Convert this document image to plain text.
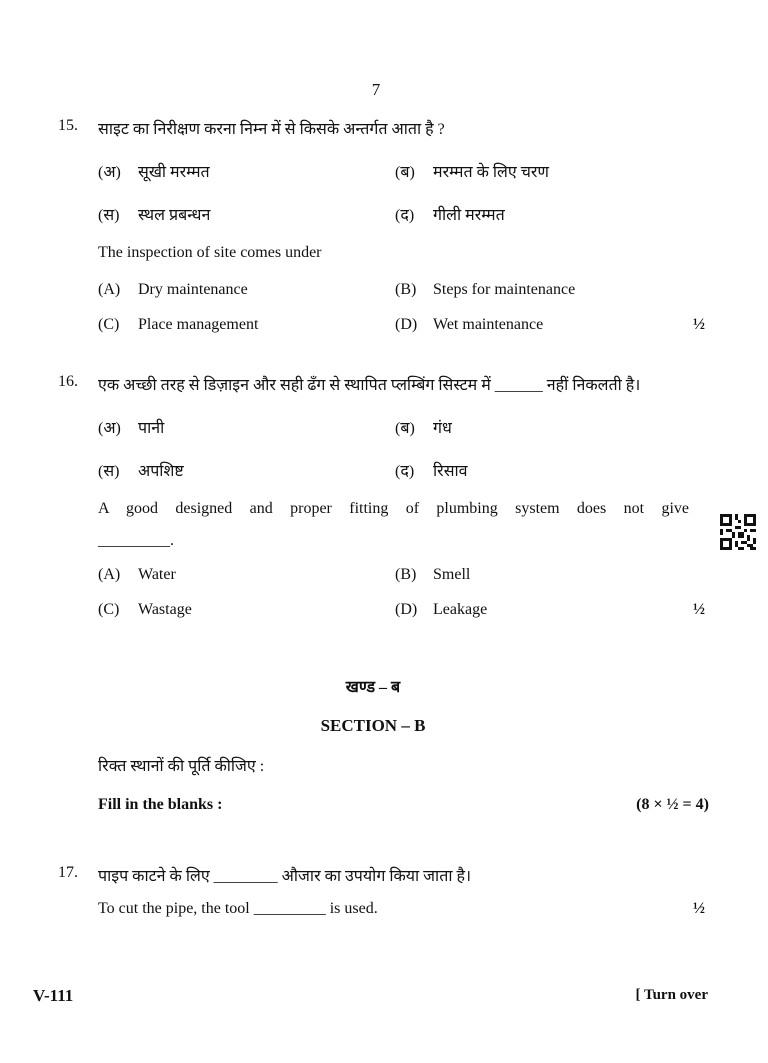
7
15. साइट का निरीक्षण करना निम्न में से किसके अन्तर्गत आता है ?
(अ) सूखी मरम्मत	(ब) मरम्मत के लिए चरण
(स) स्थल प्रबन्धन	(द) गीली मरम्मत
The inspection of site comes under
(A) Dry maintenance	(B) Steps for maintenance
(C) Place management	(D) Wet maintenance	½
16. एक अच्छी तरह से डिज़ाइन और सही ढँग से स्थापित प्लम्बिंग सिस्टम में ______ नहीं निकलती है।
(अ) पानी	(ब) गंध
(स) अपशिष्ट	(द) रिसाव
A good designed and proper fitting of plumbing system does not give
_________.
(A) Water	(B) Smell
(C) Wastage	(D) Leakage	½
खण्ड – ब
SECTION – B
रिक्त स्थानों की पूर्ति कीजिए :
Fill in the blanks :	(8 × ½ = 4)
17. पाइप काटने के लिए ________ औजार का उपयोग किया जाता है।
To cut the pipe, the tool _________ is used.	½
V-111	[ Turn over
